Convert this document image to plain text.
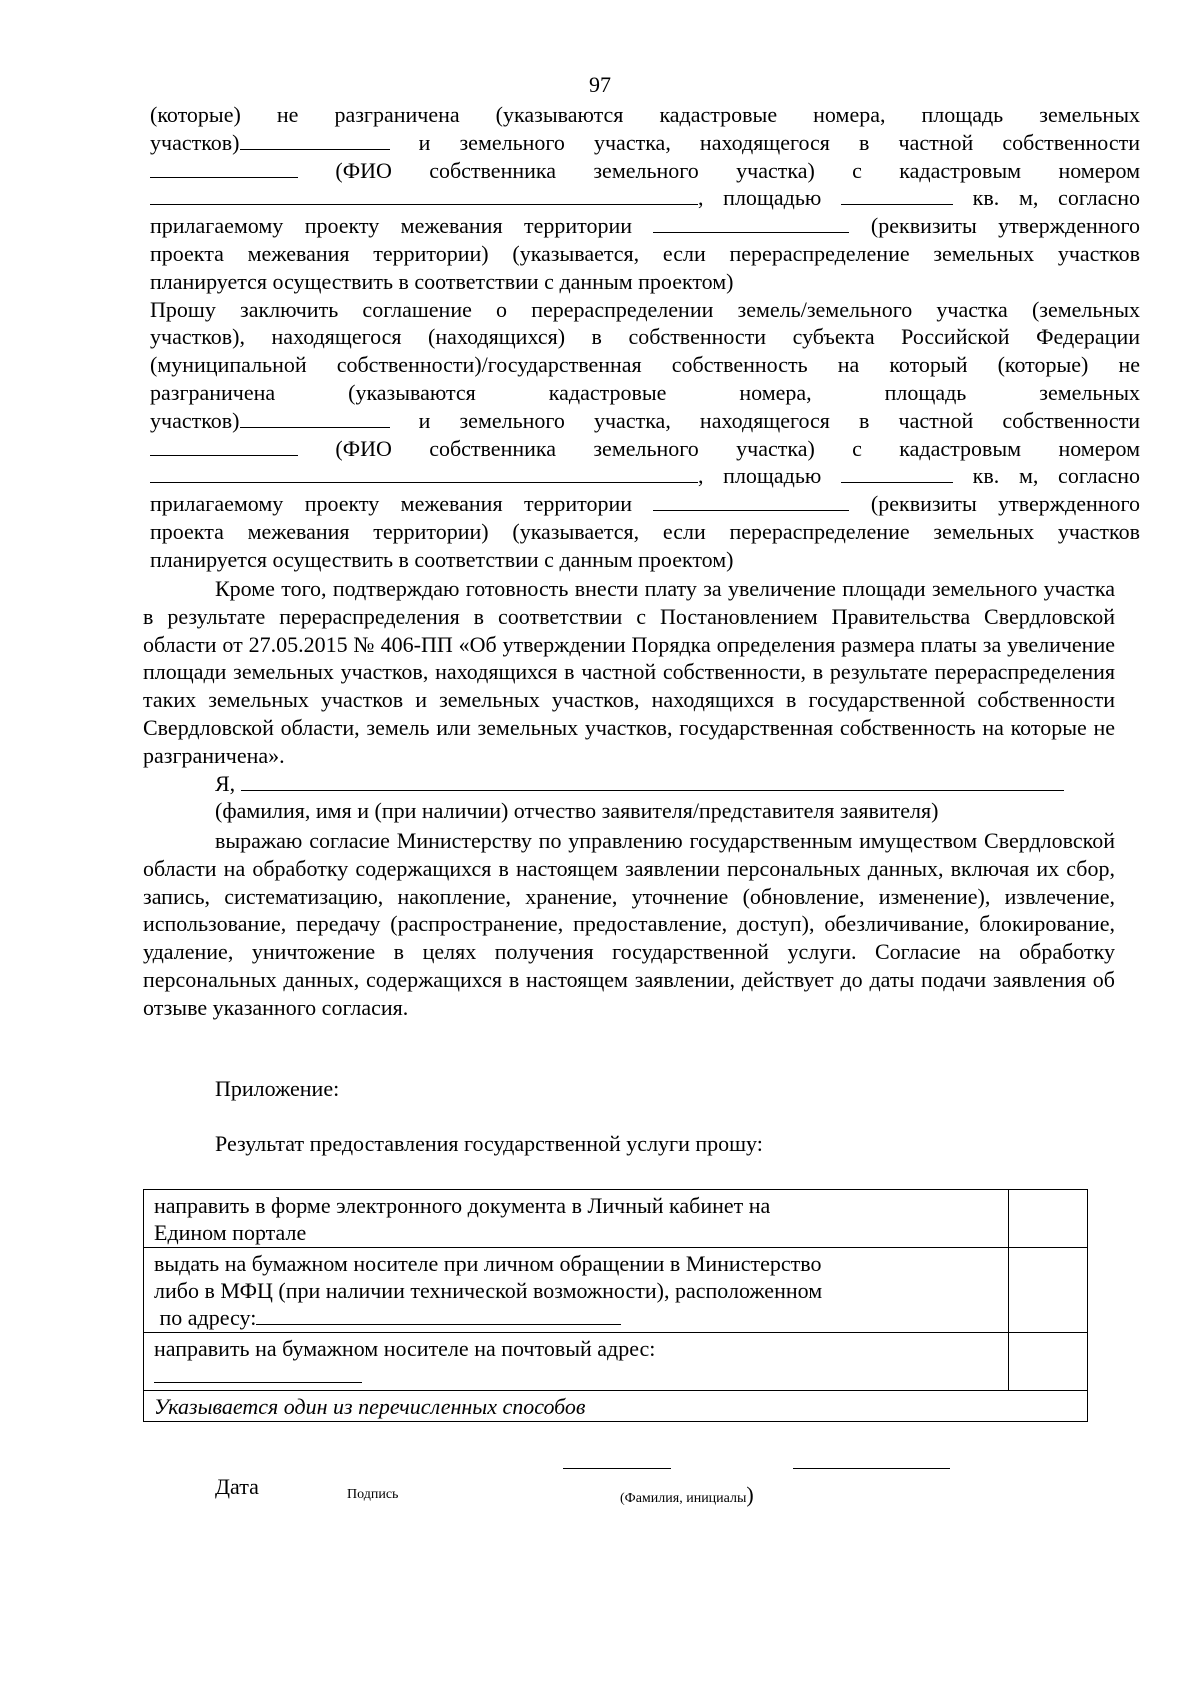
97

(которые) не разграничена (указываются кадастровые номера, площадь земельных

участков)	и земельного участка, находящегося в частной собственности

(ФИО собственника земельного участка) с кадастровым номером

, площадью	кв. м, согласно

прилагаемому проекту межевания территории	(реквизиты утвержденного

проекта межевания территории) (указывается, если перераспределение земельных участков

планируется осуществить в соответствии с данным проектом)

Прошу заключить соглашение о перераспределении земель/земельного участка (земельных

участков), находящегося (находящихся) в собственности субъекта Российской Федерации

(муниципальной собственности)/государственная собственность на который (которые) не

разграничена (указываются кадастровые номера, площадь земельных

участков)	и земельного участка, находящегося в частной собственности

(ФИО собственника земельного участка) с кадастровым номером

, площадью	кв. м, согласно

прилагаемому проекту межевания территории	(реквизиты утвержденного

проекта межевания территории) (указывается, если перераспределение земельных участков

планируется осуществить в соответствии с данным проектом)

Кроме того, подтверждаю готовность внести плату за увеличение площади земельного участка в результате перераспределения в соответствии с Постановлением Правительства Свердловской области от 27.05.2015 № 406-ПП «Об утверждении Порядка определения размера платы за увеличение площади земельных участков, находящихся в частной собственности, в результате перераспределения таких земельных участков и земельных участков, находящихся в государственной собственности Свердловской области, земель или земельных участков, государственная собственность на которые не разграничена».

Я,

(фамилия, имя и (при наличии) отчество заявителя/представителя заявителя)

выражаю согласие Министерству по управлению государственным имуществом Свердловской области на обработку содержащихся в настоящем заявлении персональных данных, включая их сбор, запись, систематизацию, накопление, хранение, уточнение (обновление, изменение), извлечение, использование, передачу (распространение, предоставление, доступ), обезличивание, блокирование, удаление, уничтожение в целях получения государственной услуги. Согласие на обработку персональных данных, содержащихся в настоящем заявлении, действует до даты подачи заявления об отзыве указанного согласия.

Приложение:
Результат предоставления государственной услуги прошу:
направить в форме электронного документа в Личный кабинет на
Едином портале	

выдать на бумажном носителе при личном обращении в Министерство
либо в МФЦ (при наличии технической возможности), расположенном
по адресу:	

направить на бумажном носителе на почтовый адрес:	

Указывается один из перечисленных способов	
Дата	Подпись	(Фамилия, инициалы)
